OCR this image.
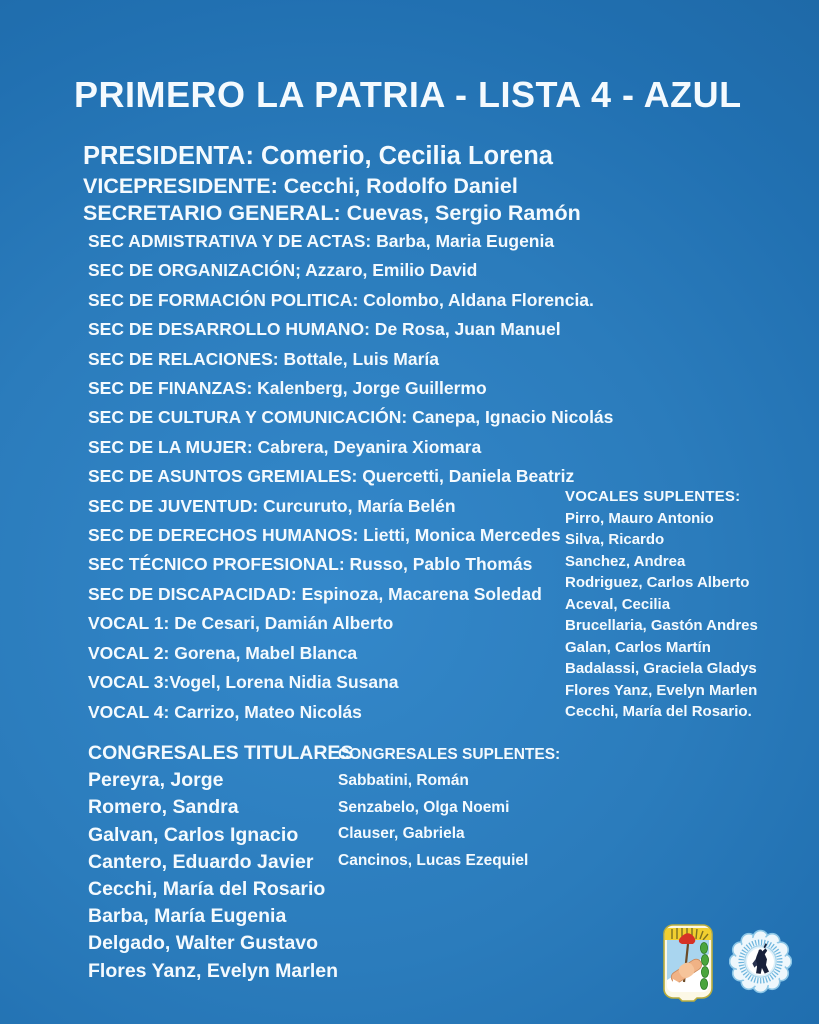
PRIMERO LA PATRIA - LISTA 4 - AZUL
PRESIDENTA: Comerio, Cecilia Lorena
VICEPRESIDENTE: Cecchi, Rodolfo Daniel
SECRETARIO GENERAL: Cuevas, Sergio Ramón
SEC ADMISTRATIVA Y DE ACTAS: Barba, Maria Eugenia
SEC DE ORGANIZACIÓN; Azzaro, Emilio David
SEC DE FORMACIÓN POLITICA: Colombo, Aldana Florencia.
SEC DE DESARROLLO HUMANO: De Rosa, Juan Manuel
SEC DE RELACIONES: Bottale, Luis María
SEC DE FINANZAS: Kalenberg, Jorge Guillermo
SEC DE CULTURA Y COMUNICACIÓN: Canepa, Ignacio Nicolás
SEC DE LA MUJER: Cabrera, Deyanira Xiomara
SEC DE ASUNTOS GREMIALES: Quercetti, Daniela Beatriz
SEC DE JUVENTUD: Curcuruto, María Belén
SEC DE DERECHOS HUMANOS: Lietti, Monica Mercedes
SEC TÉCNICO PROFESIONAL: Russo, Pablo Thomás
SEC DE DISCAPACIDAD: Espinoza, Macarena Soledad
VOCAL 1: De Cesari, Damián Alberto
VOCAL 2: Gorena, Mabel Blanca
VOCAL 3:Vogel, Lorena Nidia Susana
VOCAL 4: Carrizo, Mateo Nicolás
VOCALES SUPLENTES:
Pirro, Mauro Antonio
Silva, Ricardo
Sanchez, Andrea
Rodriguez, Carlos Alberto
Aceval, Cecilia
Brucellaria, Gastón Andres
Galan, Carlos Martín
Badalassi, Graciela Gladys
Flores Yanz, Evelyn Marlen
Cecchi, María del Rosario.
CONGRESALES TITULARES
Pereyra, Jorge
Romero, Sandra
Galvan, Carlos Ignacio
Cantero, Eduardo Javier
Cecchi, María del Rosario
Barba, María Eugenia
Delgado, Walter Gustavo
Flores Yanz, Evelyn Marlen
CONGRESALES SUPLENTES:
Sabbatini, Román
Senzabelo, Olga Noemi
Clauser, Gabriela
Cancinos, Lucas Ezequiel
